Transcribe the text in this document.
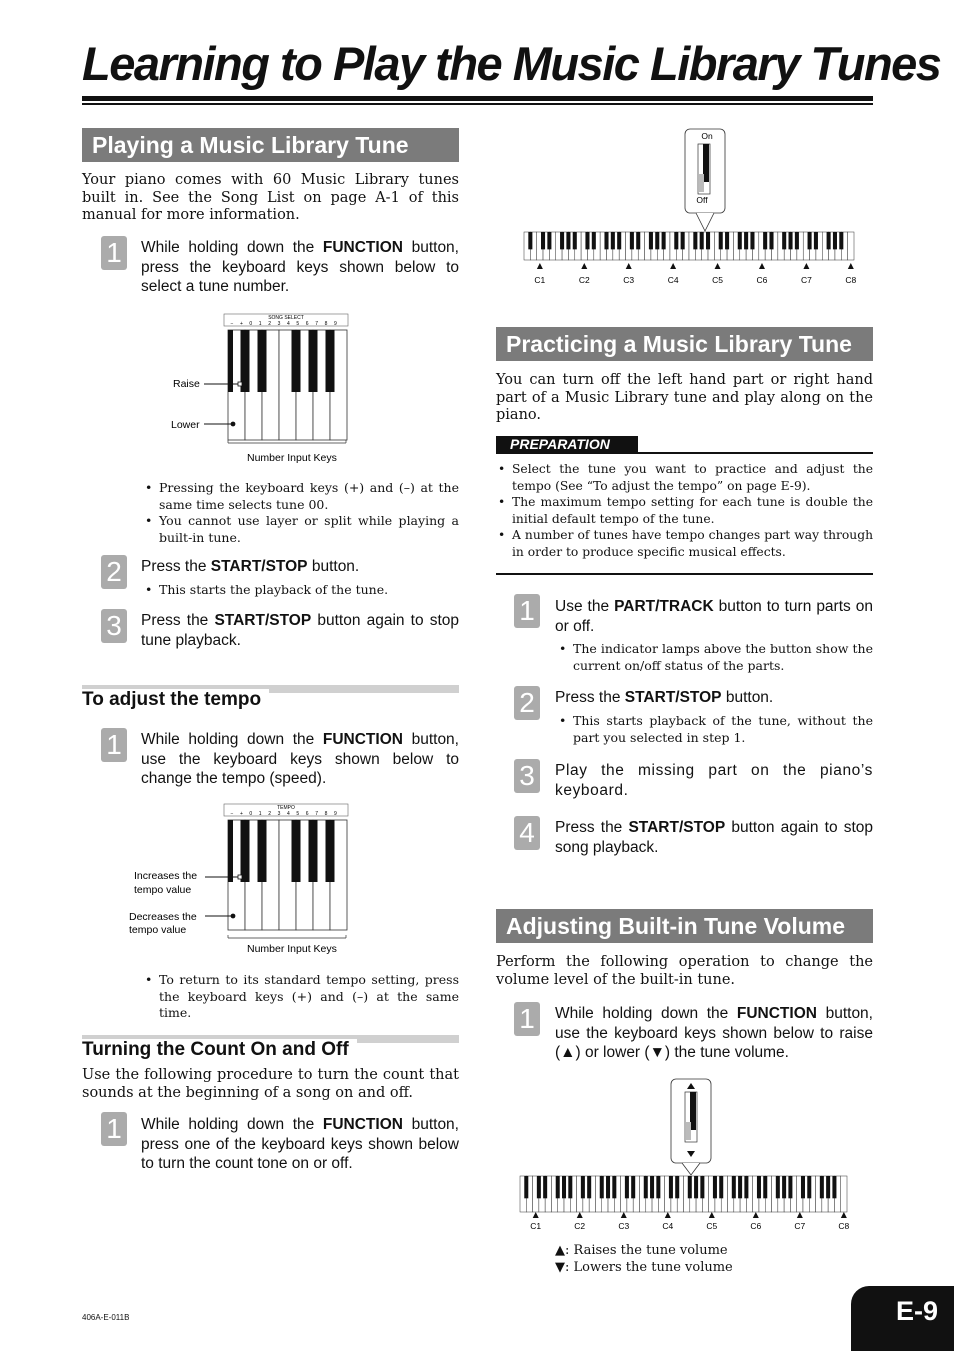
Learning to Play the Music Library Tunes
Playing a Music Library Tune
Your piano comes with 60 Music Library tunes built in. See the Song List on page A-1 of this manual for more information.
1	While holding down the FUNCTION button, press the keyboard keys shown below to select a tune number.
SONG SELECT
− + 0 1 2 3 4 5 6 7 8 9
Raise
Lower
Number Input Keys
• Pressing the keyboard keys (+) and (–) at the same time selects tune 00.
• You cannot use layer or split while playing a built-in tune.
2	Press the START/STOP button.
• This starts the playback of the tune.
3	Press the START/STOP button again to stop tune playback.
To adjust the tempo
1	While holding down the FUNCTION button, use the keyboard keys shown below to change the tempo (speed).
TEMPO
− + 0 1 2 3 4 5 6 7 8 9
Increases the
tempo value
Decreases the
tempo value
Number Input Keys
• To return to its standard tempo setting, press the keyboard keys (+) and (–) at the same time.
Turning the Count On and Off
Use the following procedure to turn the count that sounds at the beginning of a song on and off.
1	While holding down the FUNCTION button, press one of the keyboard keys shown below to turn the count tone on or off.
On
Off
C1	C2	C3	C4	C5	C6	C7	C8
Practicing a Music Library Tune
You can turn off the left hand part or right hand part of a Music Library tune and play along on the piano.
PREPARATION
• Select the tune you want to practice and adjust the tempo (See “To adjust the tempo” on page E-9).
• The maximum tempo setting for each tune is double the initial default tempo of the tune.
• A number of tunes have tempo changes part way through in order to produce specific musical effects.
1	Use the PART/TRACK button to turn parts on or off.
• The indicator lamps above the button show the current on/off status of the parts.
2	Press the START/STOP button.
• This starts playback of the tune, without the part you selected in step 1.
3	Play the missing part on the piano’s keyboard.
4	Press the START/STOP button again to stop song playback.
Adjusting Built-in Tune Volume
Perform the following operation to change the volume level of the built-in tune.
1	While holding down the FUNCTION button, use the keyboard keys shown below to raise (▲) or lower (▼) the tune volume.
C1	C2	C3	C4	C5	C6	C7	C8
▲: Raises the tune volume
▼: Lowers the tune volume
406A-E-011B	E-9
